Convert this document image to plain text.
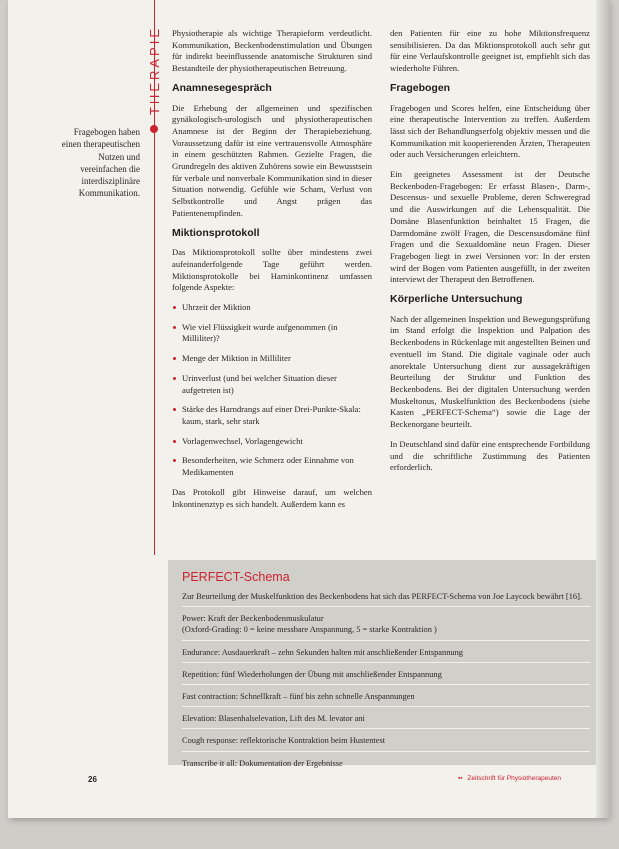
THERAPIE
Fragebogen haben einen therapeutischen Nutzen und vereinfachen die interdisziplinäre Kommunikation.

Physiotherapie als wichtige Therapieform verdeutlicht. Kommunikation, Beckenbodenstimulation und Übungen für indirekt beeinflussende anatomische Strukturen sind Bestandteile der physiotherapeutischen Betreuung.

Anamnesegespräch

Die Erhebung der allgemeinen und spezifischen gynäkologisch-urologisch und physiotherapeutischen Anamnese ist der Beginn der Therapiebeziehung. Voraussetzung dafür ist eine vertrauensvolle Atmosphäre in einem geschützten Rahmen. Gezielte Fragen, die Grundregeln des aktiven Zuhörens sowie ein Bewusstsein für verbale und nonverbale Kommunikation sind in dieser Situation notwendig. Gefühle wie Scham, Verlust von Selbstkontrolle und Angst prägen das Patientenempfinden.

Miktionsprotokoll

Das Miktionsprotokoll sollte über mindestens zwei aufeinanderfolgende Tage geführt werden. Miktionsprotokolle bei Harninkontinenz umfassen folgende Aspekte:

Uhrzeit der Miktion
Wie viel Flüssigkeit wurde aufgenommen (in Milliliter)?
Menge der Miktion in Milliliter
Urinverlust (und bei welcher Situation dieser aufgetreten ist)
Stärke des Harndrangs auf einer Drei-Punkte-Skala: kaum, stark, sehr stark
Vorlagenwechsel, Vorlagengewicht
Besonderheiten, wie Schmerz oder Einnahme von Medikamenten

Das Protokoll gibt Hinweise darauf, um welchen Inkontinenztyp es sich handelt. Außerdem kann es

den Patienten für eine zu hohe Miktionsfrequenz sensibilisieren. Da das Miktionsprotokoll auch sehr gut für eine Verlaufskontrolle geeignet ist, empfiehlt sich das wiederholte Führen.

Fragebogen

Fragebogen und Scores helfen, eine Entscheidung über eine therapeutische Intervention zu treffen. Außerdem lässt sich der Behandlungserfolg objektiv messen und die Kommunikation mit kooperierenden Ärzten, Therapeuten oder auch Versicherungen erleichtern.

Ein geeignetes Assessment ist der Deutsche Beckenboden-Fragebogen: Er erfasst Blasen-, Darm-, Descensus- und sexuelle Probleme, deren Schweregrad und die Auswirkungen auf die Lebensqualität. Die Domäne Blasenfunktion beinhaltet 15 Fragen, die Darmdomäne zwölf Fragen, die Descensusdomäne fünf Fragen und die Sexualdomäne neun Fragen. Dieser Fragebogen liegt in zwei Versionen vor: In der ersten wird der Bogen vom Patienten ausgefüllt, in der zweiten interviewt der Therapeut den Betroffenen.

Körperliche Untersuchung

Nach der allgemeinen Inspektion und Bewegungsprüfung im Stand erfolgt die Inspektion und Palpation des Beckenbodens in Rückenlage mit angestellten Beinen und eventuell im Stand. Die digitale vaginale oder auch anorektale Untersuchung dient zur aussagekräftigen Beurteilung der Struktur und Funktion des Beckenbodens. Bei der digitalen Untersuchung werden Muskeltonus, Muskelfunktion des Beckenbodens (siehe Kasten „PERFECT-Schema“) sowie die Lage der Beckenorgane beurteilt.

In Deutschland sind dafür eine entsprechende Fortbildung und die schriftliche Zustimmung des Patienten erforderlich.

PERFECT-Schema

Zur Beurteilung der Muskelfunktion des Beckenbodens hat sich das PERFECT-Schema von Joe Laycock bewährt [16].

Power: Kraft der Beckenbodenmuskulatur

(Oxford-Grading: 0 = keine messbare Anspannung, 5 = starke Kontraktion )

Endurance: Ausdauerkraft – zehn Sekunden halten mit anschließender Entspannung

Repetition: fünf Wiederholungen der Übung mit anschließender Entspannung

Fast contraction: Schnellkraft – fünf bis zehn schnelle Anspannungen

Elevation: Blasenhalselevation, Lift des M. levator ani

Cough response: reflektorische Kontraktion beim Hustentest

Transcribe it all: Dokumentation der Ergebnisse

26	▪▪ Zeitschrift für Physiotherapeuten
